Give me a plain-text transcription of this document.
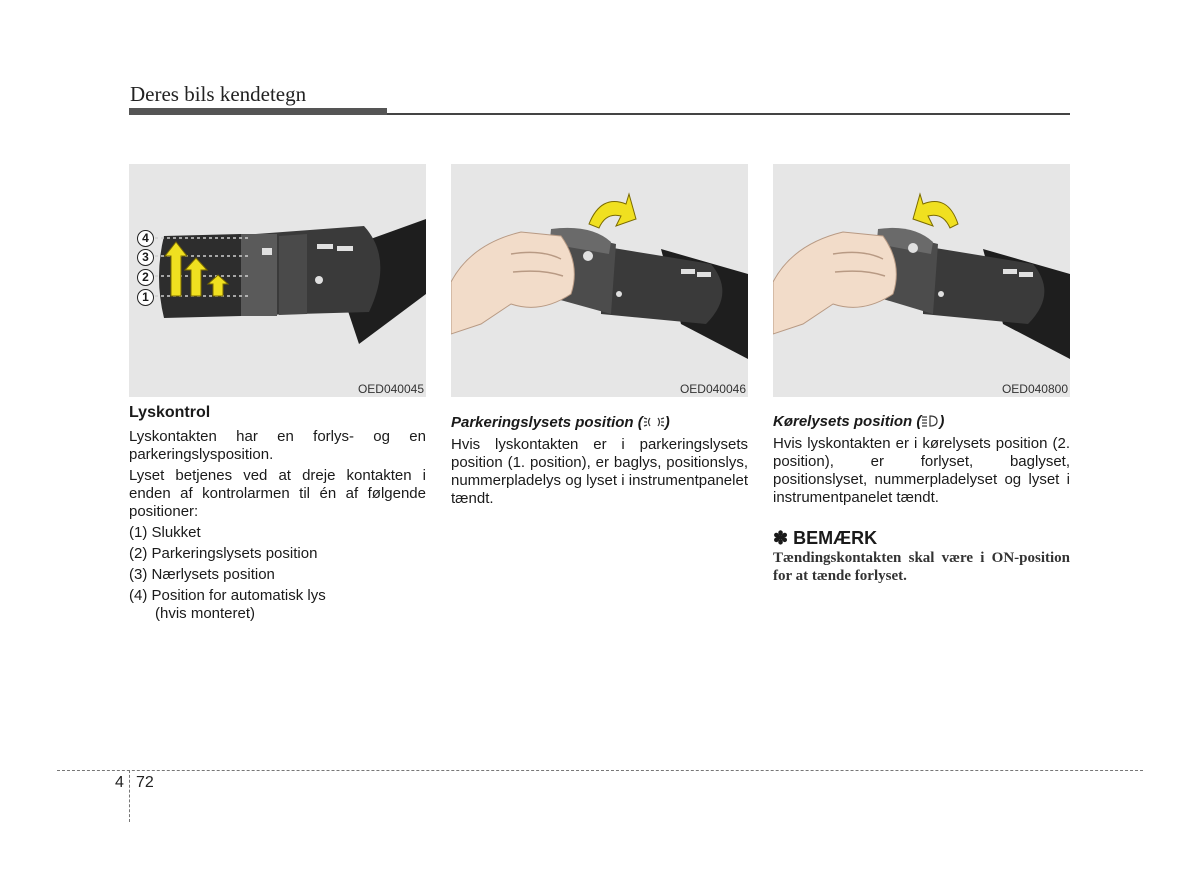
Deres bils kendetegn
4
3
2
1
OED040045	OED040046	OED040800
Lyskontrol

Lyskontakten har en forlys- og en parkeringslysposition.

Lyset betjenes ved at dreje kontakten i enden af kontrolarmen til én af følgende positioner:

(1) Slukket
(2) Parkeringslysets position
(3) Nærlysets position
(4) Position for automatisk lys
(hvis monteret)
Parkeringslysets position ( )

Hvis lyskontakten er i parkeringslysets position (1. position), er baglys, positionslys, nummerpladelys og lyset i instrumentpanelet tændt.

Kørelysets position ( )

Hvis lyskontakten er i kørelysets position (2. position), er forlyset, baglyset, positionslyset, nummerpladelyset og lyset i instrumentpanelet tændt.

✽ BEMÆRK
Tændingskontakten skal være i ON-position for at tænde forlyset.
4 72
